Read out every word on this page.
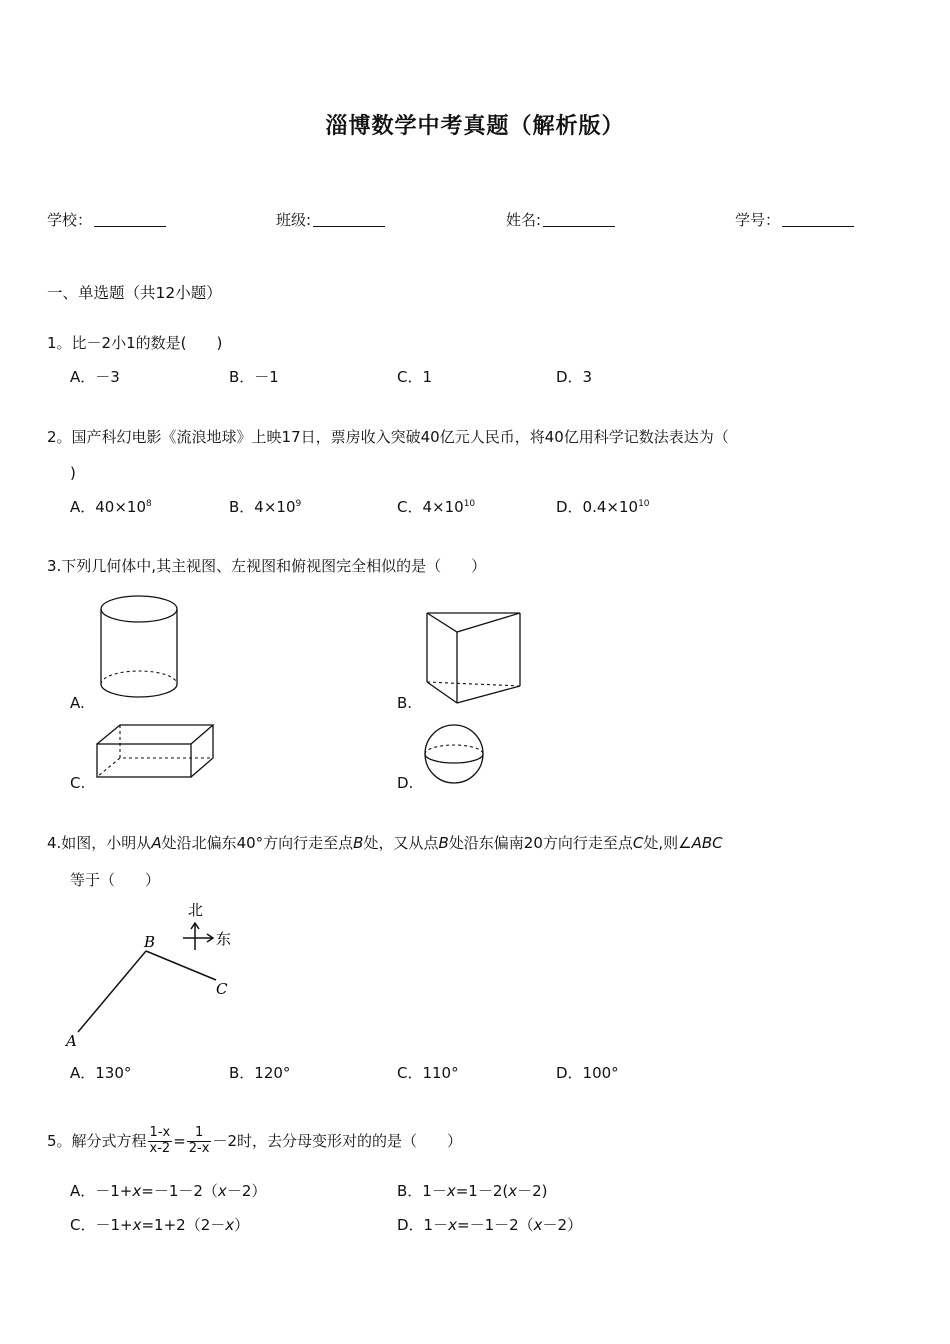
淄博数学中考真题（解析版）
学校：	班级:	姓名:	学号：
一、单选题（共12小题）
1。比－2小1的数是(　　)
A．－3	B．－1	C．1	D．3
2。国产科幻电影《流浪地球》上映17日，票房收入突破40亿元人民币，将40亿用科学记数法表达为（
)
A．$40\times 10^8$	B．$4\times 10^9$	C．$4\times 10^{10}$	D．$0.4\times 10^{10}$
3.下列几何体中,其主视图、左视图和俯视图完全相似的是（　　）
A.	B.
C.	D.
4.如图，小明从A处沿北偏东40°方向行走至点B处，又从点B处沿东偏南20方向行走至点C处,则∠ABC
等于（　　）
北
东
B
C
A
A．130°	B．120°	C．110°	D．100°
5。解分式方程 $\frac{1-x}{x-2} = \frac{1}{2-x} -2$时，去分母变形对的的是（　　）
A．－1+x=－1－2（x－2）	B．1－x=1－2(x－2)
C．－1+x=1+2（2－x）	D．1－x=－1－2（x－2）
